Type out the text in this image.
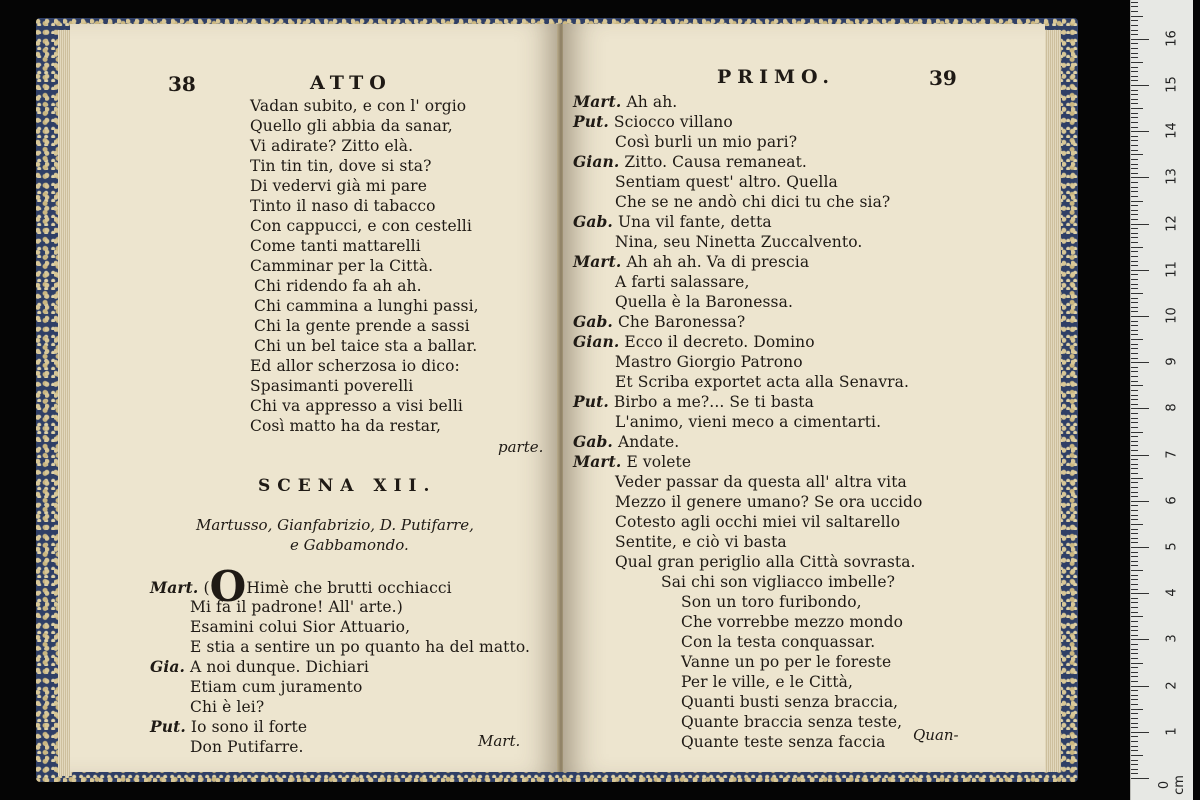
38	ATTO
Vadan subito, e con l' orgio
Quello gli abbia da sanar,
Vi adirate? Zitto elà.
Tin tin tin, dove si sta?
Di vedervi già mi pare
Tinto il naso di tabacco
Con cappucci, e con cestelli
Come tanti mattarelli
Camminar per la Città.
Chi ridendo fa ah ah.
Chi cammina a lunghi passi,
Chi la gente prende a sassi
Chi un bel taice sta a ballar.
Ed allor scherzosa io dico:
Spasimanti poverelli
Chi va appresso a visi belli
Così matto ha da restar,
parte.
SCENA XII.
Martusso, Gianfabrizio, D. Putifarre,
e Gabbamondo.
Mart. (OHimè che brutti occhiacci
Mi fa il padrone! All' arte.)
Esamini colui Sior Attuario,
E stia a sentire un po quanto ha del matto.
Gia. A noi dunque. Dichiari
Etiam cum juramento
Chi è lei?
Put. Io sono il forte
Don Putifarre.	Mart.
PRIMO.	39
Mart. Ah ah.
Put. Sciocco villano
Così burli un mio pari?
Gian. Zitto. Causa remaneat.
Sentiam quest' altro. Quella
Che se ne andò chi dici tu che sia?
Gab. Una vil fante, detta
Nina, seu Ninetta Zuccalvento.
Mart. Ah ah ah. Va di prescia
A farti salassare,
Quella è la Baronessa.
Gab. Che Baronessa?
Gian. Ecco il decreto. Domino
Mastro Giorgio Patrono
Et Scriba exportet acta alla Senavra.
Put. Birbo a me?... Se ti basta
L'animo, vieni meco a cimentarti.
Gab. Andate.
Mart. E volete
Veder passar da questa all' altra vita
Mezzo il genere umano? Se ora uccido
Cotesto agli occhi miei vil saltarello
Sentite, e ciò vi basta
Qual gran periglio alla Città sovrasta.
Sai chi son vigliacco imbelle?
Son un toro furibondo,
Che vorrebbe mezzo mondo
Con la testa conquassar.
Vanne un po per le foreste
Per le ville, e le Città,
Quanti busti senza braccia,
Quante braccia senza teste,
Quante teste senza faccia Quan-
16
15
14
13
12
11
10
9
8
7
6
5
4
3
2
1
0 cm
